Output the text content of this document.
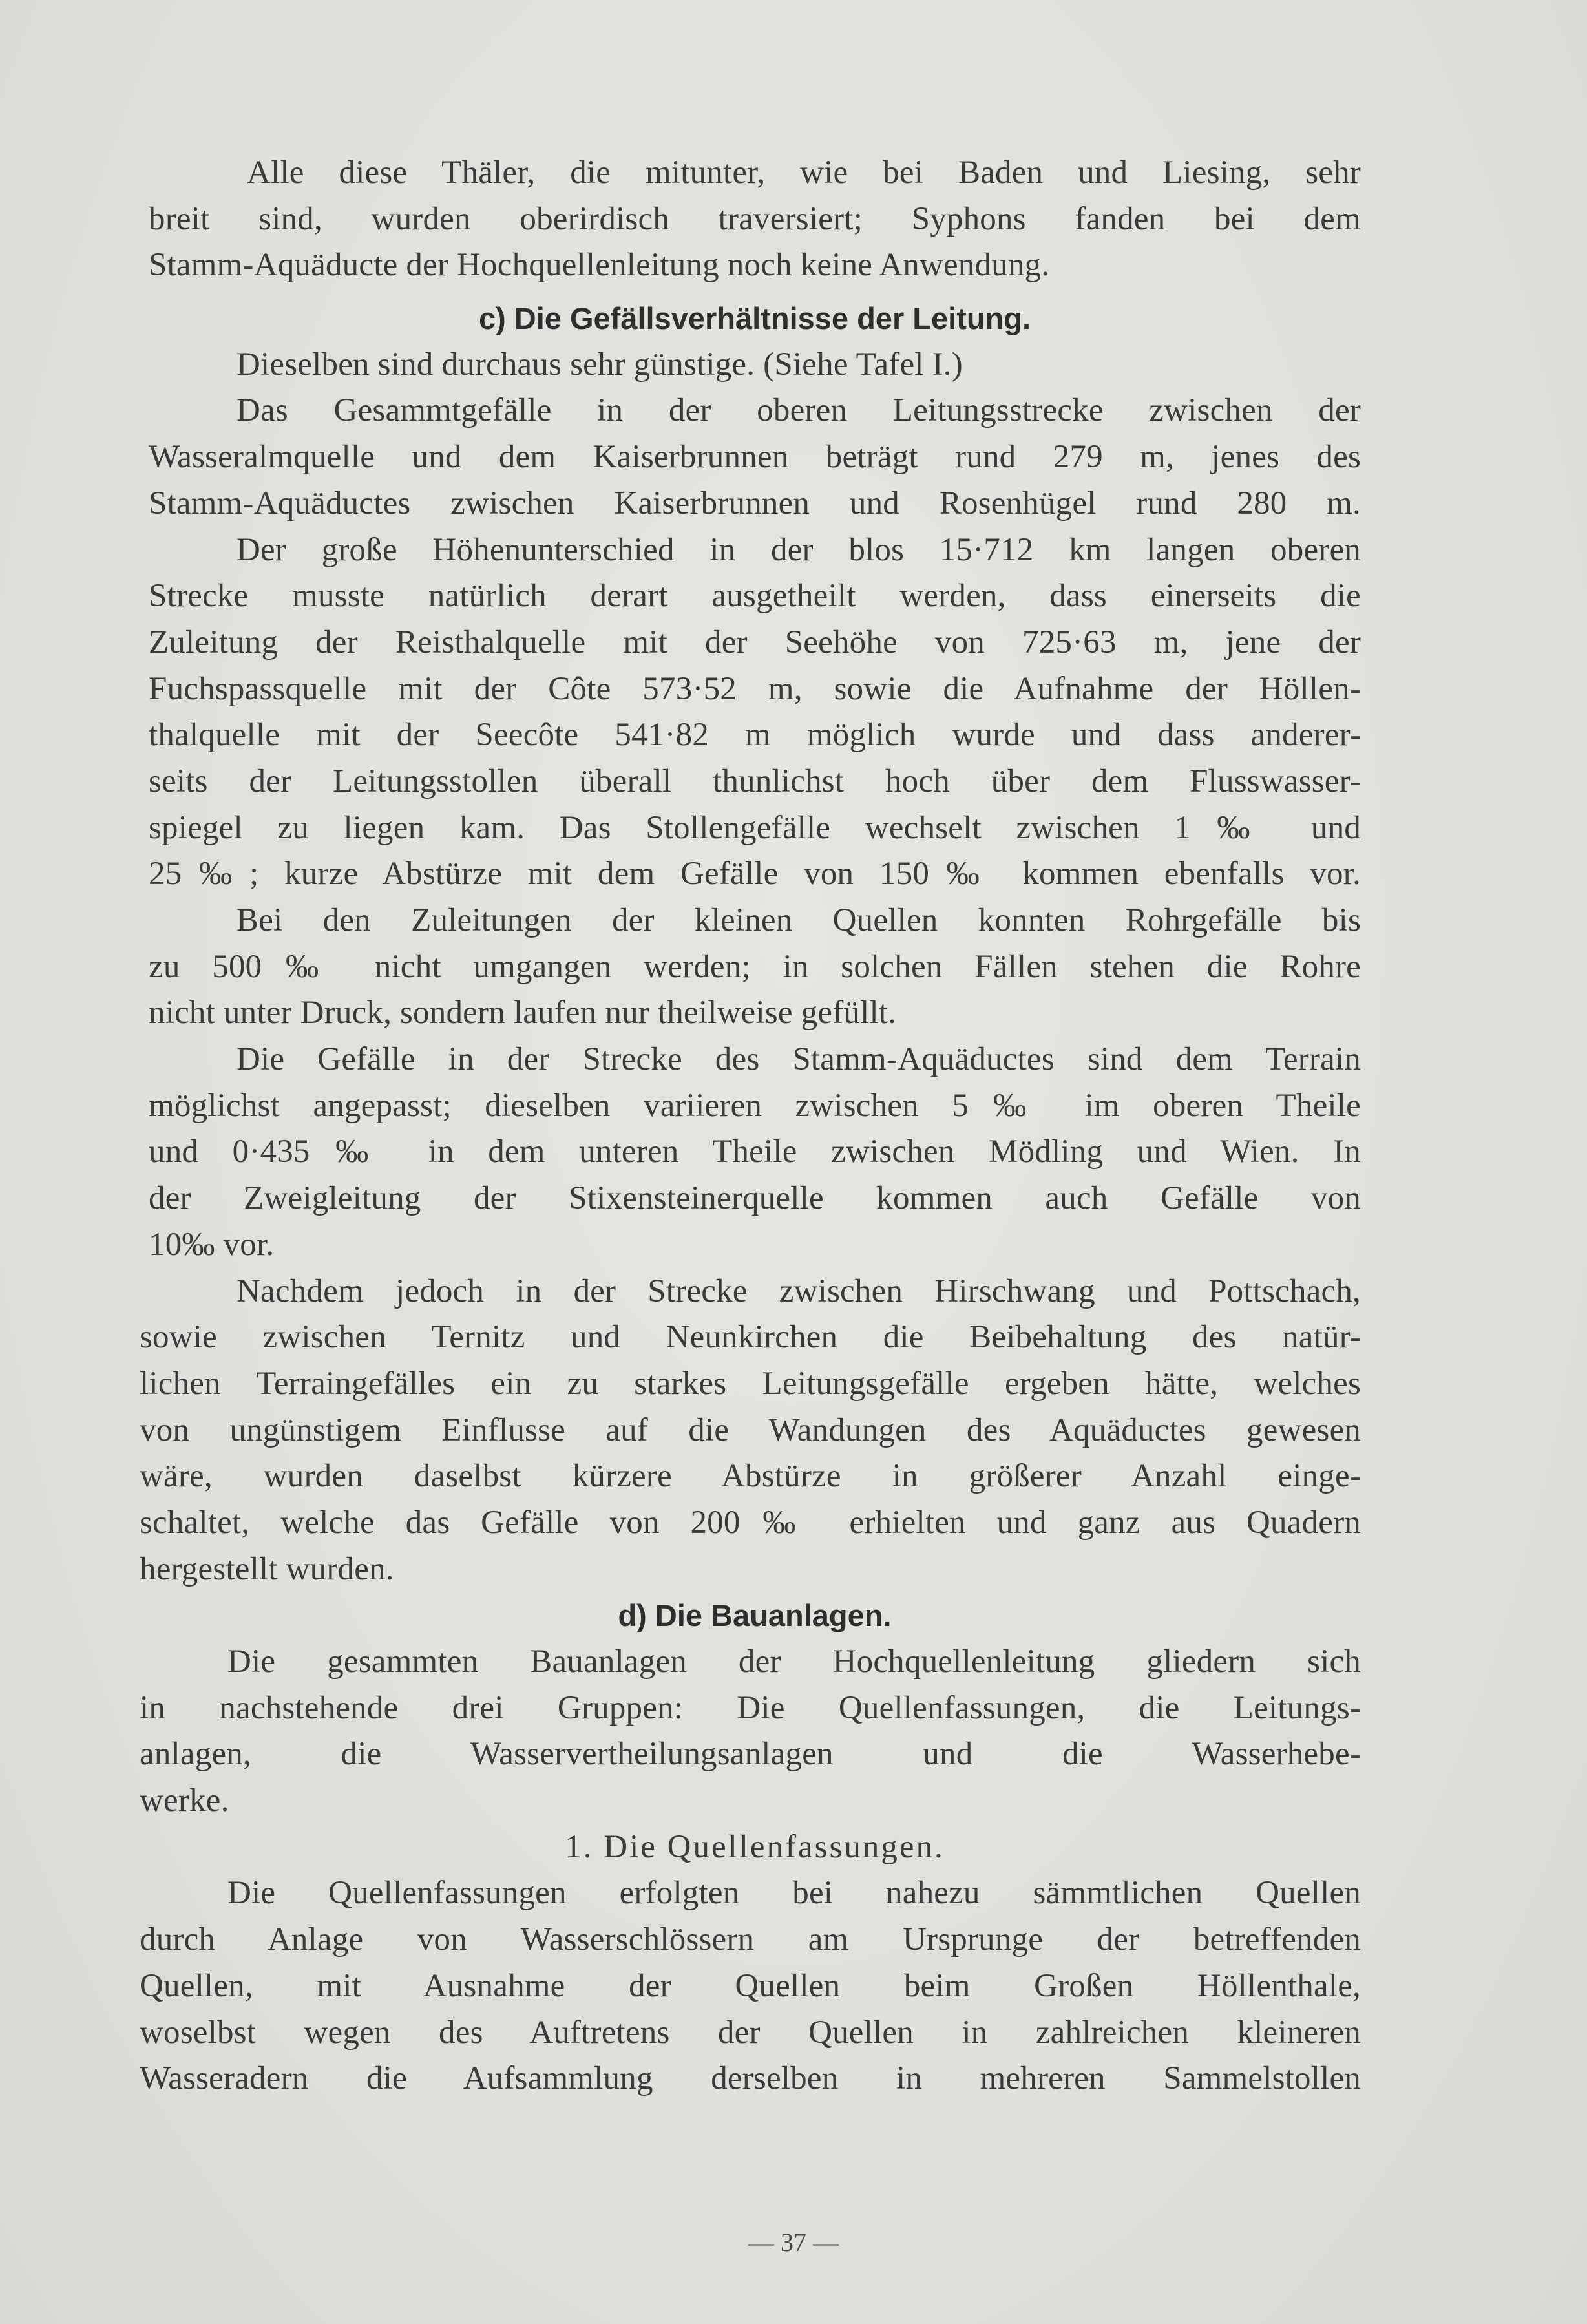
Alle diese Thäler, die mitunter, wie bei Baden und Liesing, sehr
breit sind, wurden oberirdisch traversiert; Syphons fanden bei dem
Stamm-Aquäducte der Hochquellenleitung noch keine Anwendung.
c) Die Gefällsverhältnisse der Leitung.
Dieselben sind durchaus sehr günstige. (Siehe Tafel I.)
Das Gesammtgefälle in der oberen Leitungsstrecke zwischen der
Wasseralmquelle und dem Kaiserbrunnen beträgt rund 279 m, jenes des
Stamm-Aquäductes zwischen Kaiserbrunnen und Rosenhügel rund 280 m.
Der große Höhenunterschied in der blos 15·712 km langen oberen
Strecke musste natürlich derart ausgetheilt werden, dass einerseits die
Zuleitung der Reisthalquelle mit der Seehöhe von 725·63 m, jene der
Fuchspassquelle mit der Côte 573·52 m, sowie die Aufnahme der Höllen-
thalquelle mit der Seecôte 541·82 m möglich wurde und dass anderer-
seits der Leitungsstollen überall thunlichst hoch über dem Flusswasser-
spiegel zu liegen kam. Das Stollengefälle wechselt zwischen 1‰ und
25‰; kurze Abstürze mit dem Gefälle von 150‰ kommen ebenfalls vor.
Bei den Zuleitungen der kleinen Quellen konnten Rohrgefälle bis
zu 500‰ nicht umgangen werden; in solchen Fällen stehen die Rohre
nicht unter Druck, sondern laufen nur theilweise gefüllt.
Die Gefälle in der Strecke des Stamm-Aquäductes sind dem Terrain
möglichst angepasst; dieselben variieren zwischen 5‰ im oberen Theile
und 0·435‰ in dem unteren Theile zwischen Mödling und Wien. In
der Zweigleitung der Stixensteinerquelle kommen auch Gefälle von
10‰ vor.
Nachdem jedoch in der Strecke zwischen Hirschwang und Pottschach,
sowie zwischen Ternitz und Neunkirchen die Beibehaltung des natür-
lichen Terraingefälles ein zu starkes Leitungsgefälle ergeben hätte, welches
von ungünstigem Einflusse auf die Wandungen des Aquäductes gewesen
wäre, wurden daselbst kürzere Abstürze in größerer Anzahl einge-
schaltet, welche das Gefälle von 200‰ erhielten und ganz aus Quadern
hergestellt wurden.
d) Die Bauanlagen.
Die gesammten Bauanlagen der Hochquellenleitung gliedern sich
in nachstehende drei Gruppen: Die Quellenfassungen, die Leitungs-
anlagen, die Wasservertheilungsanlagen und die Wasserhebe-
werke.
1. Die Quellenfassungen.
Die Quellenfassungen erfolgten bei nahezu sämmtlichen Quellen
durch Anlage von Wasserschlössern am Ursprunge der betreffenden
Quellen, mit Ausnahme der Quellen beim Großen Höllenthale,
woselbst wegen des Auftretens der Quellen in zahlreichen kleineren
Wasseradern die Aufsammlung derselben in mehreren Sammelstollen
— 37 —
